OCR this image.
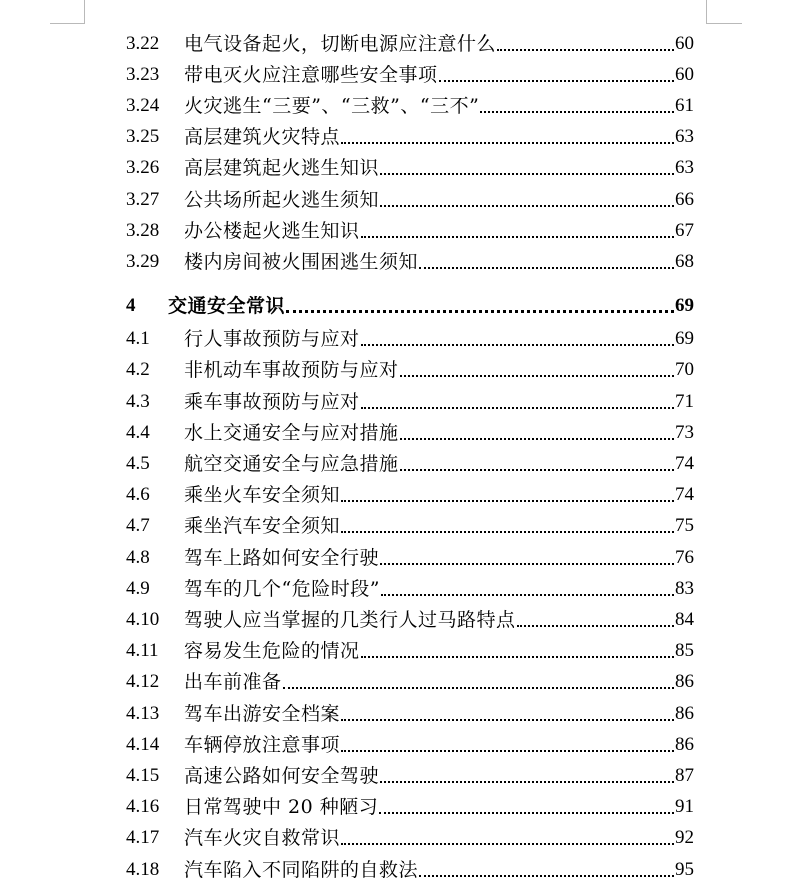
3.22	电气设备起火，切断电源应注意什么	60
3.23	带电灭火应注意哪些安全事项	60
3.24	火灾逃生“三要”、“三救”、“三不”	61
3.25	高层建筑火灾特点	63
3.26	高层建筑起火逃生知识	63
3.27	公共场所起火逃生须知	66
3.28	办公楼起火逃生知识	67
3.29	楼内房间被火围困逃生须知	68
4	交通安全常识	69
4.1	行人事故预防与应对	69
4.2	非机动车事故预防与应对	70
4.3	乘车事故预防与应对	71
4.4	水上交通安全与应对措施	73
4.5	航空交通安全与应急措施	74
4.6	乘坐火车安全须知	74
4.7	乘坐汽车安全须知	75
4.8	驾车上路如何安全行驶	76
4.9	驾车的几个“危险时段”	83
4.10	驾驶人应当掌握的几类行人过马路特点	84
4.11	容易发生危险的情况	85
4.12	出车前准备	86
4.13	驾车出游安全档案	86
4.14	车辆停放注意事项	86
4.15	高速公路如何安全驾驶	87
4.16	日常驾驶中 20 种陋习	91
4.17	汽车火灾自救常识	92
4.18	汽车陷入不同陷阱的自救法	95
